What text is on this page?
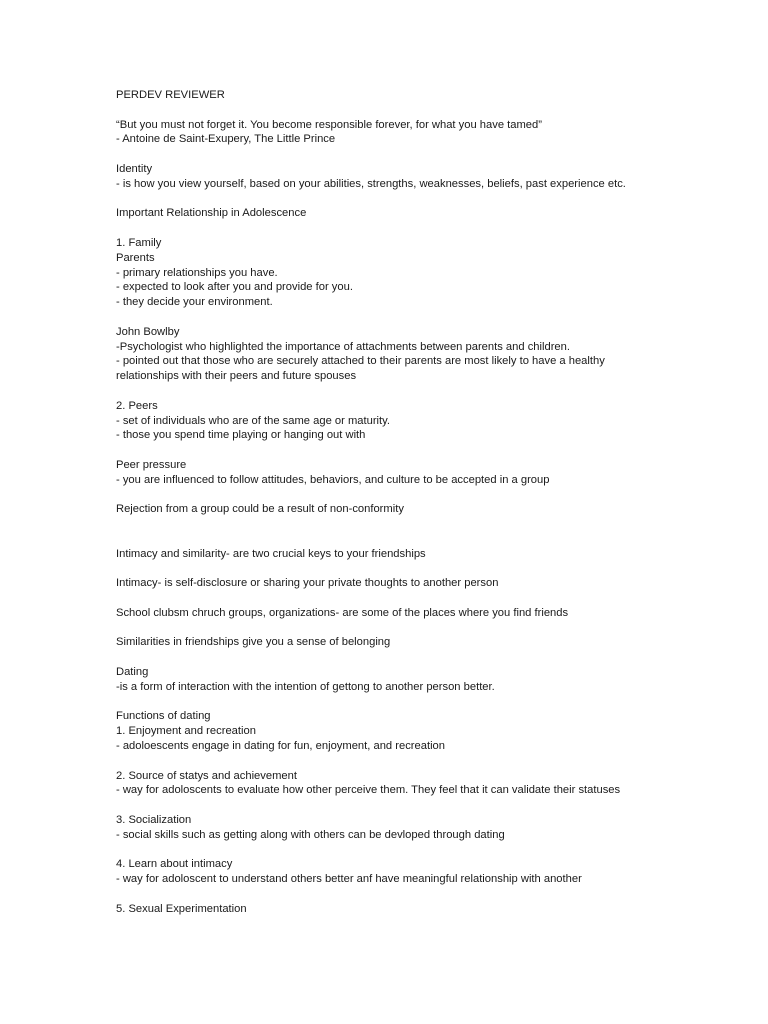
PERDEV REVIEWER
“But you must not forget it. You become responsible forever, for what you have tamed”
- Antoine de Saint-Exupery, The Little Prince
Identity
- is how you view yourself, based on your abilities, strengths, weaknesses, beliefs, past experience etc.
Important Relationship in Adolescence
1. Family
Parents
- primary relationships you have.
- expected to look after you and provide for you.
- they decide your environment.
John Bowlby
-Psychologist who highlighted the importance of attachments between parents and children.
- pointed out that those who are securely attached to their parents are most likely to have a healthy relationships with their peers and future spouses
2. Peers
- set of individuals who are of the same age or maturity.
- those you spend time playing or hanging out with
Peer pressure
- you are influenced to follow attitudes, behaviors, and culture to be accepted in a group
Rejection from a group could be a result of non-conformity
Intimacy and similarity- are two crucial keys to your friendships
Intimacy- is self-disclosure or sharing your private thoughts to another person
School clubsm chruch groups, organizations- are some of the places where you find friends
Similarities in friendships give you a sense of belonging
Dating
-is a form of interaction with the intention of gettong to another person better.
Functions of dating
1. Enjoyment and recreation
- adoloescents engage in dating for fun, enjoyment, and recreation
2. Source of statys and achievement
- way for adoloscents to evaluate how other perceive them. They feel that it can validate their statuses
3. Socialization
- social skills such as getting along with others can be devloped through dating
4. Learn about intimacy
- way for adoloscent to understand others better anf have meaningful relationship with another
5. Sexual Experimentation
